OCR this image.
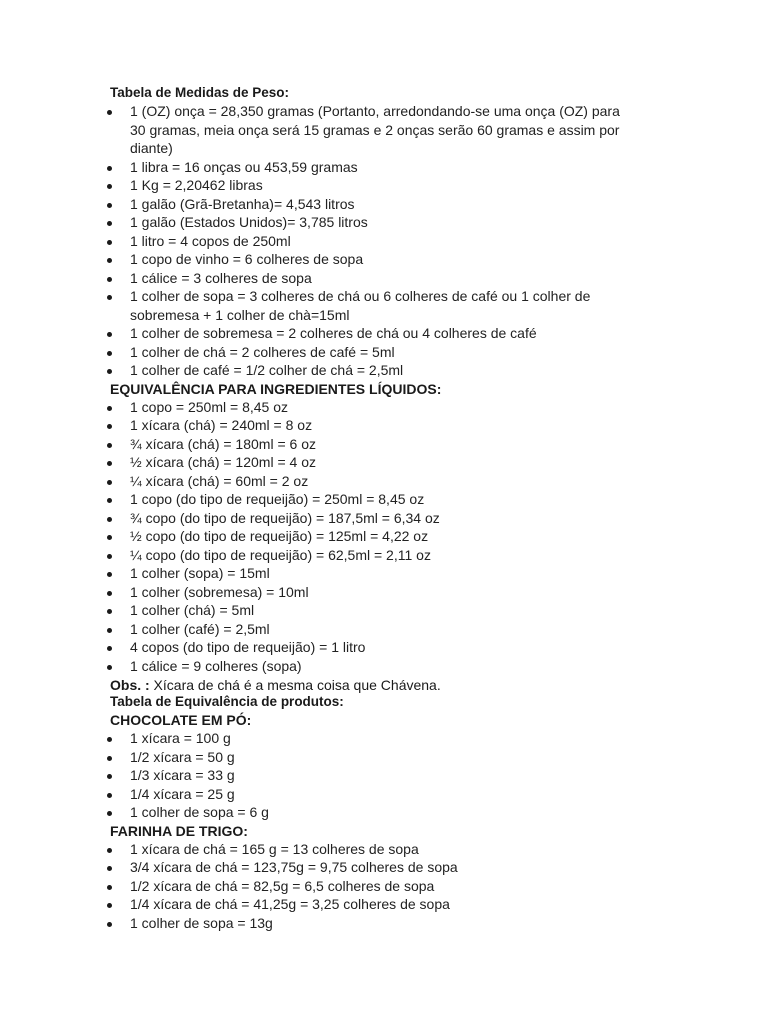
Tabela de Medidas de Peso:
1 (OZ) onça = 28,350 gramas (Portanto, arredondando-se uma onça (OZ) para 30 gramas, meia onça será 15 gramas e 2 onças serão 60 gramas e assim por diante)
1 libra = 16 onças ou 453,59 gramas
1 Kg = 2,20462 libras
1 galão (Grã-Bretanha)= 4,543 litros
1 galão (Estados Unidos)= 3,785 litros
1 litro = 4 copos de 250ml
1 copo de vinho = 6 colheres de sopa
1 cálice = 3 colheres de sopa
1 colher de sopa = 3 colheres de chá ou 6 colheres de café ou 1 colher de sobremesa + 1 colher de chà=15ml
1 colher de sobremesa = 2 colheres de chá ou 4 colheres de café
1 colher de chá = 2 colheres de café = 5ml
1 colher de café = 1/2 colher de chá = 2,5ml
EQUIVALÊNCIA PARA INGREDIENTES LÍQUIDOS:
1 copo = 250ml = 8,45 oz
1 xícara (chá) = 240ml = 8 oz
¾ xícara (chá) = 180ml = 6 oz
½ xícara (chá) = 120ml = 4 oz
¼ xícara (chá) = 60ml = 2 oz
1 copo (do tipo de requeijão) = 250ml = 8,45 oz
¾ copo (do tipo de requeijão) = 187,5ml = 6,34 oz
½ copo (do tipo de requeijão) = 125ml = 4,22 oz
¼ copo (do tipo de requeijão) = 62,5ml = 2,11 oz
1 colher (sopa) = 15ml
1 colher (sobremesa) = 10ml
1 colher (chá) = 5ml
1 colher (café) = 2,5ml
4 copos (do tipo de requeijão) = 1 litro
1 cálice = 9 colheres (sopa)
Obs. : Xícara de chá é a mesma coisa que Chávena.
Tabela de Equivalência de produtos:
CHOCOLATE EM PÓ:
1 xícara = 100 g
1/2 xícara = 50 g
1/3 xícara = 33 g
1/4 xícara = 25 g
1 colher de sopa = 6 g
FARINHA DE TRIGO:
1 xícara de chá = 165 g = 13 colheres de sopa
3/4 xícara de chá = 123,75g = 9,75 colheres de sopa
1/2 xícara de chá = 82,5g = 6,5 colheres de sopa
1/4 xícara de chá = 41,25g = 3,25 colheres de sopa
1 colher de sopa = 13g
